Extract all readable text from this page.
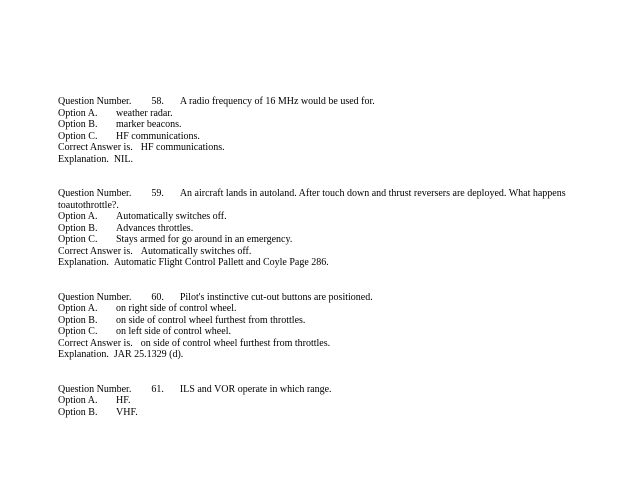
Question Number. 58. A radio frequency of 16 MHz would be used for.
Option A. weather radar.
Option B. marker beacons.
Option C. HF communications.
Correct Answer is. HF communications.
Explanation. NIL.
Question Number. 59. An aircraft lands in autoland. After touch down and thrust reversers are deployed. What happens toautothrottle?.
Option A. Automatically switches off.
Option B. Advances throttles.
Option C. Stays armed for go around in an emergency.
Correct Answer is. Automatically switches off.
Explanation. Automatic Flight Control Pallett and Coyle Page 286.
Question Number. 60. Pilot's instinctive cut-out buttons are positioned.
Option A. on right side of control wheel.
Option B. on side of control wheel furthest from throttles.
Option C. on left side of control wheel.
Correct Answer is. on side of control wheel furthest from throttles.
Explanation. JAR 25.1329 (d).
Question Number. 61. ILS and VOR operate in which range.
Option A. HF.
Option B. VHF.
